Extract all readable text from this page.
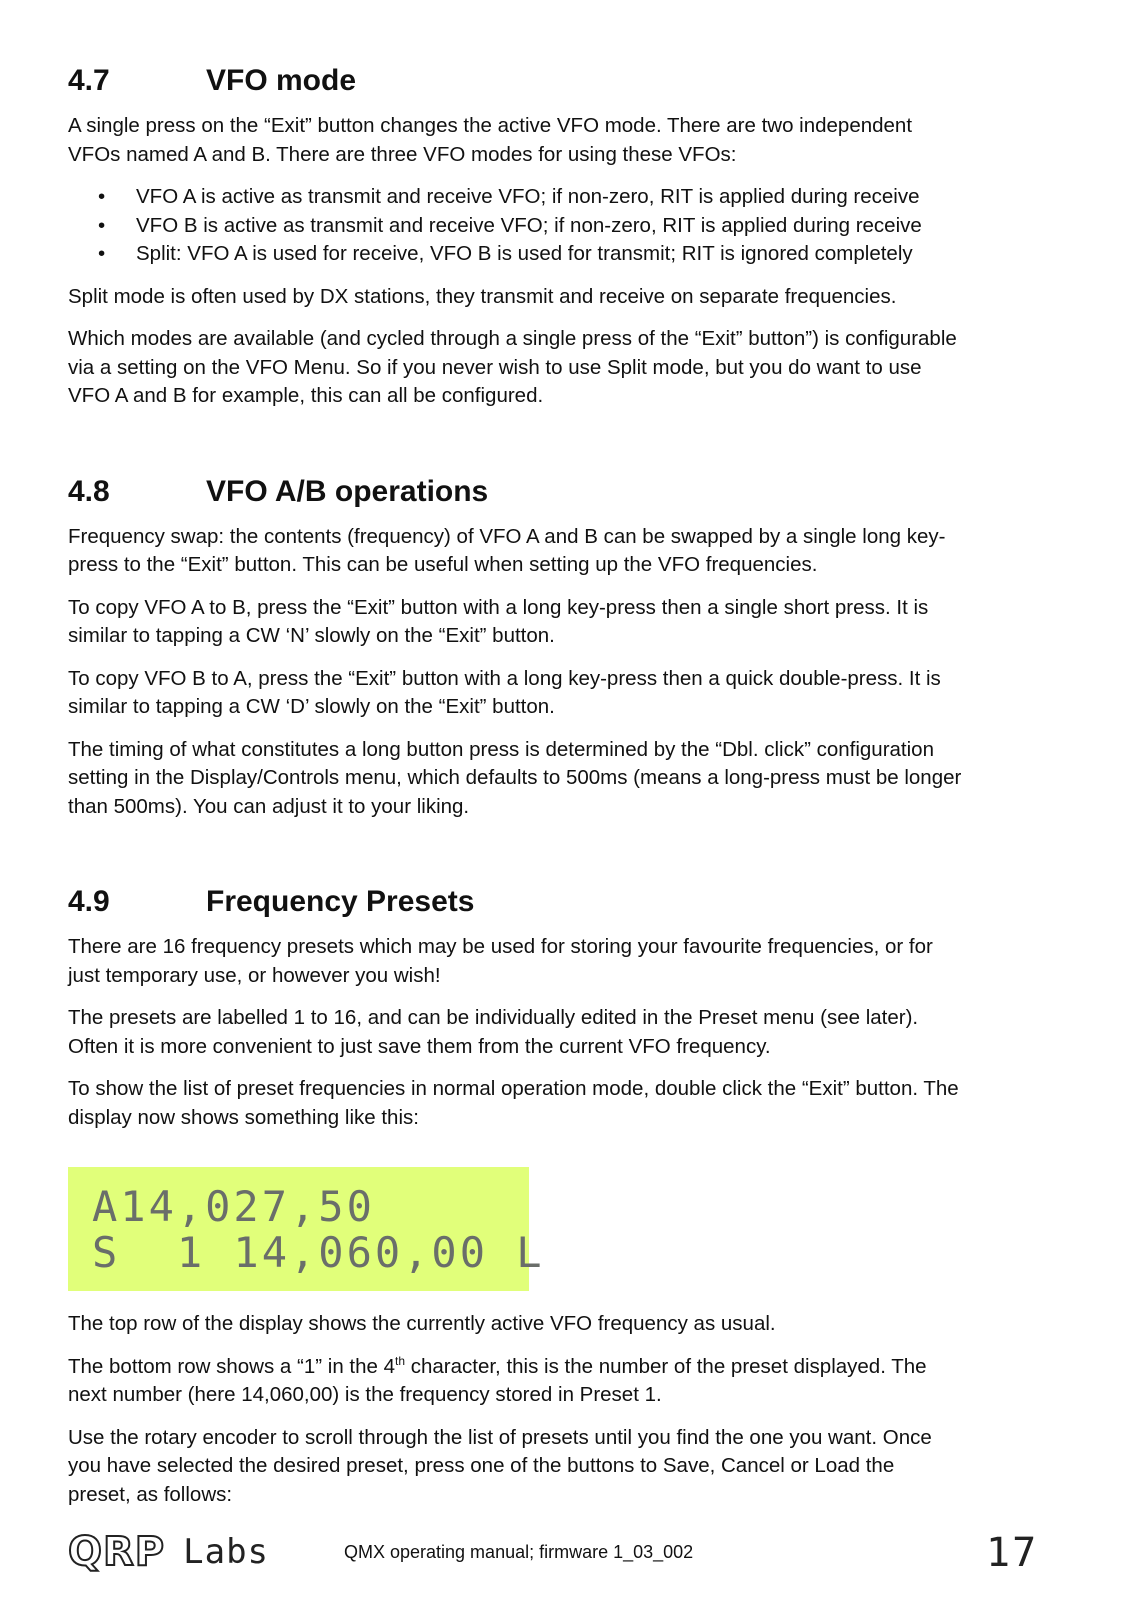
4.7	VFO mode

A single press on the “Exit” button changes the active VFO mode. There are two independent
VFOs named A and B. There are three VFO modes for using these VFOs:

• VFO A is active as transmit and receive VFO; if non-zero, RIT is applied during receive
• VFO B is active as transmit and receive VFO; if non-zero, RIT is applied during receive
• Split: VFO A is used for receive, VFO B is used for transmit; RIT is ignored completely

Split mode is often used by DX stations, they transmit and receive on separate frequencies.

Which modes are available (and cycled through a single press of the “Exit” button”) is configurable
via a setting on the VFO Menu. So if you never wish to use Split mode, but you do want to use
VFO A and B for example, this can all be configured.

4.8	VFO A/B operations

Frequency swap: the contents (frequency) of VFO A and B can be swapped by a single long key-
press to the “Exit” button. This can be useful when setting up the VFO frequencies.

To copy VFO A to B, press the “Exit” button with a long key-press then a single short press. It is
similar to tapping a CW ‘N’ slowly on the “Exit” button.

To copy VFO B to A, press the “Exit” button with a long key-press then a quick double-press. It is
similar to tapping a CW ‘D’ slowly on the “Exit” button.

The timing of what constitutes a long button press is determined by the “Dbl. click” configuration
setting in the Display/Controls menu, which defaults to 500ms (means a long-press must be longer
than 500ms). You can adjust it to your liking.

4.9	Frequency Presets

There are 16 frequency presets which may be used for storing your favourite frequencies, or for
just temporary use, or however you wish!

The presets are labelled 1 to 16, and can be individually edited in the Preset menu (see later).
Often it is more convenient to just save them from the current VFO frequency.

To show the list of preset frequencies in normal operation mode, double click the “Exit” button. The
display now shows something like this:

A14,027,50
S  1 14,060,00 L

The top row of the display shows the currently active VFO frequency as usual.

The bottom row shows a “1” in the 4th character, this is the number of the preset displayed. The
next number (here 14,060,00) is the frequency stored in Preset 1.

Use the rotary encoder to scroll through the list of presets until you find the one you want. Once
you have selected the desired preset, press one of the buttons to Save, Cancel or Load the
preset, as follows:

QRP Labs	QMX operating manual; firmware 1_03_002	17
